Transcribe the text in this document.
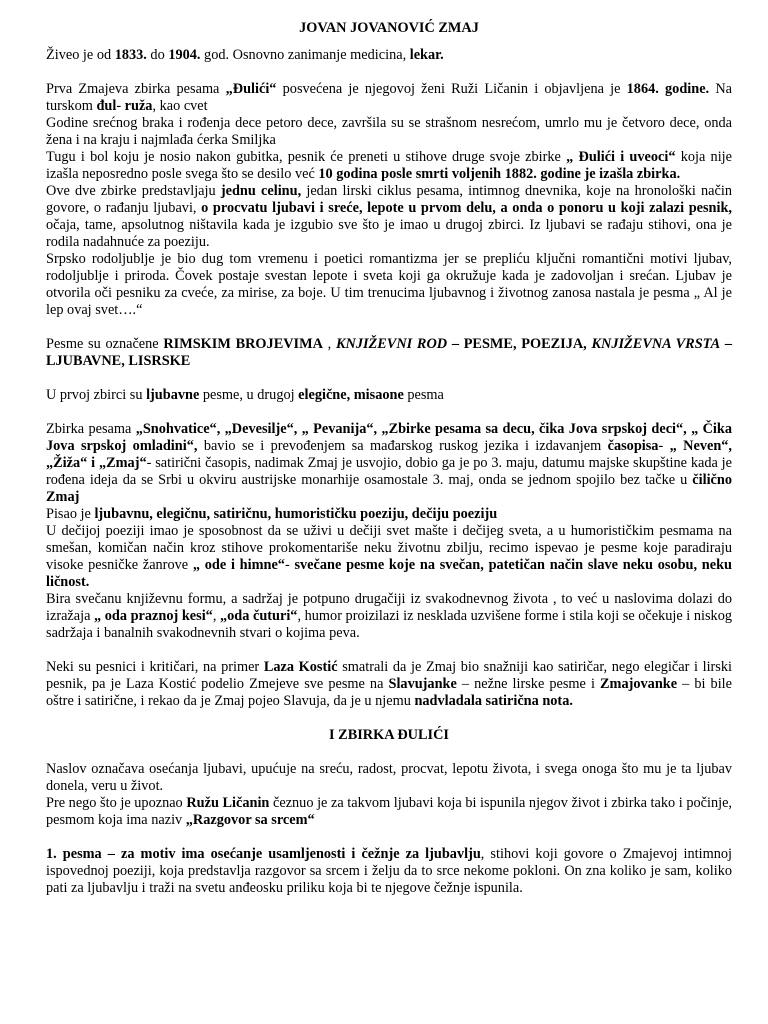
JOVAN JOVANOVIĆ ZMAJ

Živeo je od 1833. do 1904. god. Osnovno zanimanje medicina, lekar.

Prva Zmajeva zbirka pesama „Đulići“ posvećena je njegovoj ženi Ruži Ličanin i objavljena je 1864. godine. Na turskom đul- ruža, kao cvet

Godine srećnog braka i rođenja dece petoro dece, završila su se strašnom nesrećom, umrlo mu je četvoro dece, onda žena i na kraju i najmlađa ćerka Smiljka

Tugu i bol koju je nosio nakon gubitka, pesnik će preneti u stihove druge svoje zbirke „ Đulići i uveoci“ koja nije izašla neposredno posle svega što se desilo već 10 godina posle smrti voljenih 1882. godine je izašla zbirka.

Ove dve zbirke predstavljaju jednu celinu, jedan lirski ciklus pesama, intimnog dnevnika, koje na hronološki način govore, o rađanju ljubavi, o procvatu ljubavi i sreće, lepote u prvom delu, a onda o ponoru u koji zalazi pesnik, očaja, tame, apsolutnog ništavila kada je izgubio sve što je imao u drugoj zbirci. Iz ljubavi se rađaju stihovi, ona je rodila nadahnuće za poeziju.

Srpsko rodoljublje je bio dug tom vremenu i poetici romantizma jer se prepliću ključni romantični motivi ljubav, rodoljublje i priroda. Čovek postaje svestan lepote i sveta koji ga okružuje kada je zadovoljan i srećan. Ljubav je otvorila oči pesniku za cveće, za mirise, za boje. U tim trenucima ljubavnog i životnog zanosa nastala je pesma „ Al je lep ovaj svet….“

Pesme su označene RIMSKIM BROJEVIMA , KNJIŽEVNI ROD – PESME, POEZIJA, KNJIŽEVNA VRSTA – LJUBAVNE, LISRSKE

U prvoj zbirci su ljubavne pesme, u drugoj elegične, misaone pesma

Zbirka pesama „Snohvatice“, „Devesilje“, „ Pevanija“, „Zbirke pesama sa decu, čika Jova srpskoj deci“, „ Čika Jova srpskoj omladini“, bavio se i prevođenjem sa mađarskog ruskog jezika i izdavanjem časopisa- „ Neven“, „Žiža“ i „Zmaj“- satirični časopis, nadimak Zmaj je usvojio, dobio ga je po 3. maju, datumu majske skupštine kada je rođena ideja da se Srbi u okviru austrijske monarhije osamostale 3. maj, onda se jednom spojilo bez tačke u čilično Zmaj

Pisao je ljubavnu, elegičnu, satiričnu, humorističku poeziju, dečiju poeziju

U dečijoj poeziji imao je sposobnost da se uživi u dečiji svet mašte i dečijeg sveta, a u humorističkim pesmama na smešan, komičan način kroz stihove prokomentariše neku životnu zbilju, recimo ispevao je pesme koje paradiraju visoke pesničke žanrove „ ode i himne“- svečane pesme koje na svečan, patetičan način slave neku osobu, neku ličnost.

Bira svečanu književnu formu, a sadržaj je potpuno drugačiji iz svakodnevnog života , to već u naslovima dolazi do izražaja „ oda praznoj kesi“, „oda čuturi“, humor proizilazi iz nesklada uzvišene forme i stila koji se očekuje i niskog sadržaja i banalnih svakodnevnih stvari o kojima peva.

Neki su pesnici i kritičari, na primer Laza Kostić smatrali da je Zmaj bio snažniji kao satiričar, nego elegičar i lirski pesnik, pa je Laza Kostić podelio Zmejeve sve pesme na Slavujanke – nežne lirske pesme i Zmajovanke – bi bile oštre i satirične, i rekao da je Zmaj pojeo Slavuja, da je u njemu nadvladala satirična nota.

I ZBIRKA ĐULIĆI

Naslov označava osećanja ljubavi, upućuje na sreću, radost, procvat, lepotu života, i svega onoga što mu je ta ljubav donela, veru u život.

Pre nego što je upoznao Ružu Ličanin čeznuo je za takvom ljubavi koja bi ispunila njegov život i zbirka tako i počinje, pesmom koja ima naziv „Razgovor sa srcem“

1. pesma – za motiv ima osećanje usamljenosti i čežnje za ljubavlju, stihovi koji govore o Zmajevoj intimnoj ispovednoj poeziji, koja predstavlja razgovor sa srcem i želju da to srce nekome pokloni. On zna koliko je sam, koliko pati za ljubavlju i traži na svetu anđeosku priliku koja bi te njegove čežnje ispunila.
